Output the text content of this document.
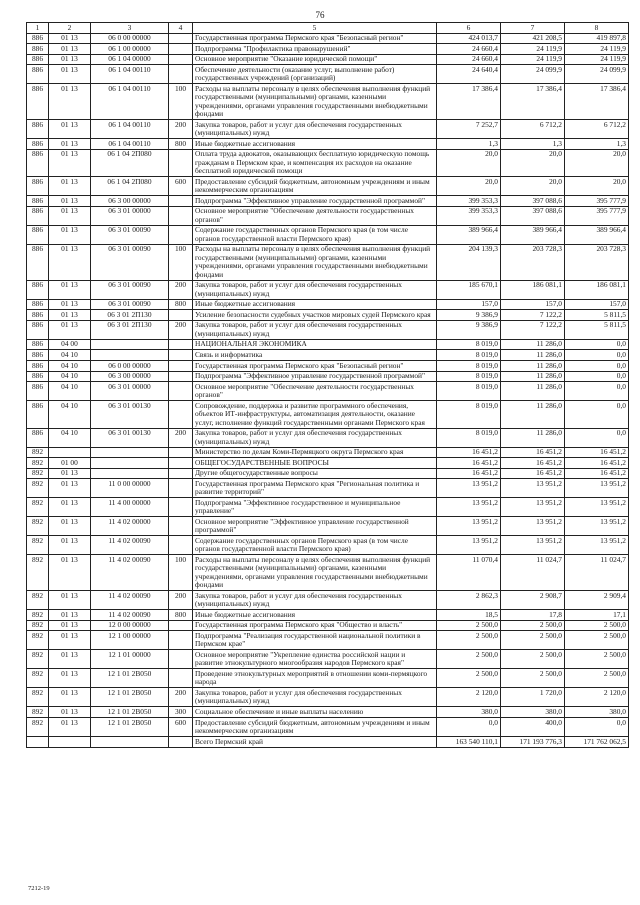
76
1	2	3	4	5	6	7	8
886	01 13	06 0 00 00000		Государственная программа Пермского края "Безопасный регион"	424 013,7	421 208,5	419 897,8
886	01 13	06 1 00 00000		Подпрограмма "Профилактика правонарушений"	24 660,4	24 119,9	24 119,9
886	01 13	06 1 04 00000		Основное мероприятие "Оказание юридической помощи"	24 660,4	24 119,9	24 119,9
886	01 13	06 1 04 00110		Обеспечение деятельности (оказание услуг, выполнение работ) государственных учреждений (организаций)	24 640,4	24 099,9	24 099,9
886	01 13	06 1 04 00110	100	Расходы на выплаты персоналу в целях обеспечения выполнения функций государственными (муниципальными) органами, казенными учреждениями, органами управления государственными внебюджетными фондами	17 386,4	17 386,4	17 386,4
886	01 13	06 1 04 00110	200	Закупка товаров, работ и услуг для обеспечения государственных (муниципальных) нужд	7 252,7	6 712,2	6 712,2
886	01 13	06 1 04 00110	800	Иные бюджетные ассигнования	1,3	1,3	1,3
886	01 13	06 1 04 2П080		Оплата труда адвокатов, оказывающих бесплатную юридическую помощь гражданам в Пермском крае, и компенсация их расходов на оказание бесплатной юридической помощи	20,0	20,0	20,0
886	01 13	06 1 04 2П080	600	Предоставление субсидий бюджетным, автономным учреждениям и иным некоммерческим организациям	20,0	20,0	20,0
886	01 13	06 3 00 00000		Подпрограмма "Эффективное управление государственной программой"	399 353,3	397 088,6	395 777,9
886	01 13	06 3 01 00000		Основное мероприятие "Обеспечение деятельности государственных органов"	399 353,3	397 088,6	395 777,9
886	01 13	06 3 01 00090		Содержание государственных органов Пермского края (в том числе органов государственной власти Пермского края)	389 966,4	389 966,4	389 966,4
886	01 13	06 3 01 00090	100	Расходы на выплаты персоналу в целях обеспечения выполнения функций государственными (муниципальными) органами, казенными учреждениями, органами управления государственными внебюджетными фондами	204 139,3	203 728,3	203 728,3
886	01 13	06 3 01 00090	200	Закупка товаров, работ и услуг для обеспечения государственных (муниципальных) нужд	185 670,1	186 081,1	186 081,1
886	01 13	06 3 01 00090	800	Иные бюджетные ассигнования	157,0	157,0	157,0
886	01 13	06 3 01 2П130		Усиление безопасности судебных участков мировых судей Пермского края	9 386,9	7 122,2	5 811,5
886	01 13	06 3 01 2П130	200	Закупка товаров, работ и услуг для обеспечения государственных (муниципальных) нужд	9 386,9	7 122,2	5 811,5
886	04 00			НАЦИОНАЛЬНАЯ ЭКОНОМИКА	8 019,0	11 286,0	0,0
886	04 10			Связь и информатика	8 019,0	11 286,0	0,0
886	04 10	06 0 00 00000		Государственная программа Пермского края "Безопасный регион"	8 019,0	11 286,0	0,0
886	04 10	06 3 00 00000		Подпрограмма "Эффективное управление государственной программой"	8 019,0	11 286,0	0,0
886	04 10	06 3 01 00000		Основное мероприятие "Обеспечение деятельности государственных органов"	8 019,0	11 286,0	0,0
886	04 10	06 3 01 00130		Сопровождение, поддержка и развитие программного обеспечения, объектов ИТ-инфраструктуры, автоматизация деятельности, оказание услуг, исполнение функций государственными органами Пермского края	8 019,0	11 286,0	0,0
886	04 10	06 3 01 00130	200	Закупка товаров, работ и услуг для обеспечения государственных (муниципальных) нужд	8 019,0	11 286,0	0,0
892				Министерство по делам Коми-Пермяцкого округа Пермского края	16 451,2	16 451,2	16 451,2
892	01 00			ОБЩЕГОСУДАРСТВЕННЫЕ ВОПРОСЫ	16 451,2	16 451,2	16 451,2
892	01 13			Другие общегосударственные вопросы	16 451,2	16 451,2	16 451,2
892	01 13	11 0 00 00000		Государственная программа Пермского края "Региональная политика и развитие территорий"	13 951,2	13 951,2	13 951,2
892	01 13	11 4 00 00000		Подпрограмма "Эффективное государственное и муниципальное управление"	13 951,2	13 951,2	13 951,2
892	01 13	11 4 02 00000		Основное мероприятие "Эффективное управление государственной программой"	13 951,2	13 951,2	13 951,2
892	01 13	11 4 02 00090		Содержание государственных органов Пермского края (в том числе органов государственной власти Пермского края)	13 951,2	13 951,2	13 951,2
892	01 13	11 4 02 00090	100	Расходы на выплаты персоналу в целях обеспечения выполнения функций государственными (муниципальными) органами, казенными учреждениями, органами управления государственными внебюджетными фондами	11 070,4	11 024,7	11 024,7
892	01 13	11 4 02 00090	200	Закупка товаров, работ и услуг для обеспечения государственных (муниципальных) нужд	2 862,3	2 908,7	2 909,4
892	01 13	11 4 02 00090	800	Иные бюджетные ассигнования	18,5	17,8	17,1
892	01 13	12 0 00 00000		Государственная программа Пермского края "Общество и власть"	2 500,0	2 500,0	2 500,0
892	01 13	12 1 00 00000		Подпрограмма "Реализация государственной национальной политики в Пермском крае"	2 500,0	2 500,0	2 500,0
892	01 13	12 1 01 00000		Основное мероприятие "Укрепление единства российской нации и развитие этнокультурного многообразия народов Пермского края"	2 500,0	2 500,0	2 500,0
892	01 13	12 1 01 2В050		Проведение этнокультурных мероприятий в отношении коми-пермяцкого народа	2 500,0	2 500,0	2 500,0
892	01 13	12 1 01 2В050	200	Закупка товаров, работ и услуг для обеспечения государственных (муниципальных) нужд	2 120,0	1 720,0	2 120,0
892	01 13	12 1 01 2В050	300	Социальное обеспечение и иные выплаты населению	380,0	380,0	380,0
892	01 13	12 1 01 2В050	600	Предоставление субсидий бюджетным, автономным учреждениям и иным некоммерческим организациям	0,0	400,0	0,0
				Всего Пермский край	163 540 110,1	171 193 776,3	171 762 062,5
7212-19
